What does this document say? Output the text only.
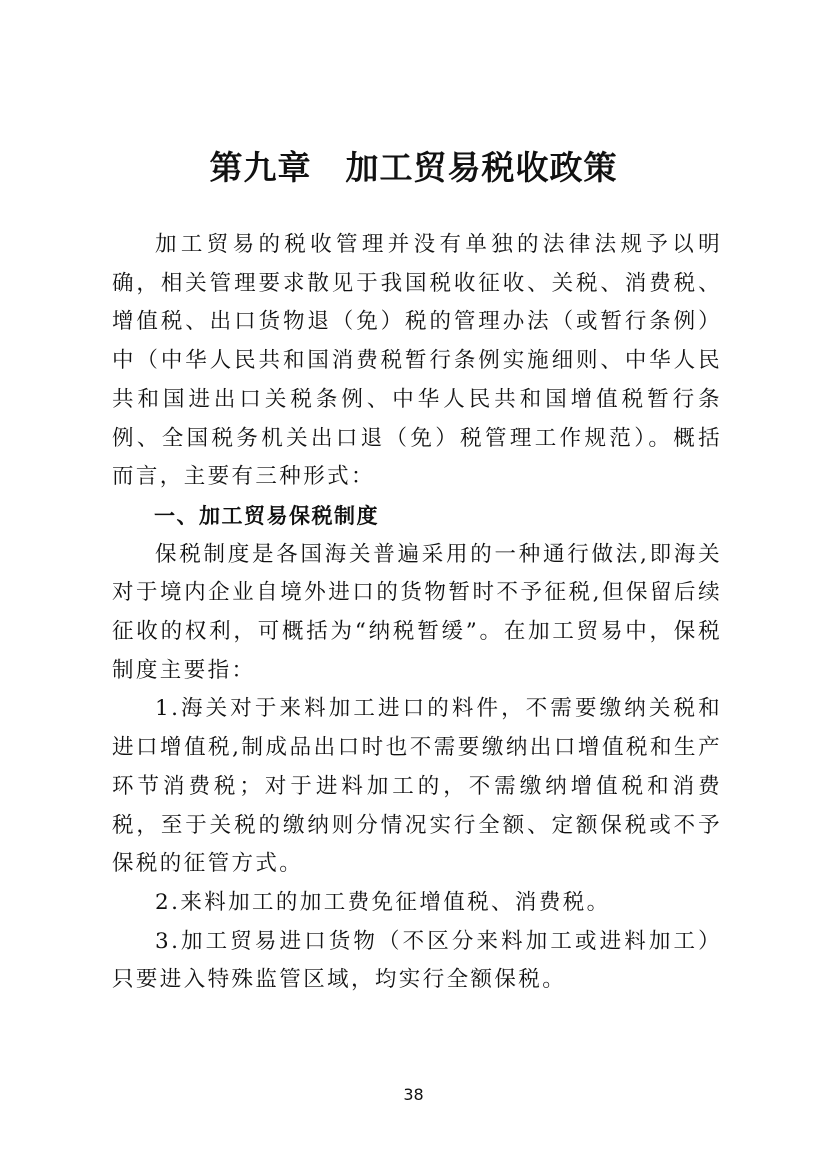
第九章　加工贸易税收政策

加工贸易的税收管理并没有单独的法律法规予以明确，相关管理要求散见于我国税收征收、关税、消费税、增值税、出口货物退（免）税的管理办法（或暂行条例）中（中华人民共和国消费税暂行条例实施细则、中华人民共和国进出口关税条例、中华人民共和国增值税暂行条例、全国税务机关出口退（免）税管理工作规范）。概括而言，主要有三种形式：

一、加工贸易保税制度

保税制度是各国海关普遍采用的一种通行做法,即海关对于境内企业自境外进口的货物暂时不予征税,但保留后续征收的权利，可概括为“纳税暂缓”。在加工贸易中，保税制度主要指：

1.海关对于来料加工进口的料件，不需要缴纳关税和进口增值税,制成品出口时也不需要缴纳出口增值税和生产环节消费税；对于进料加工的，不需缴纳增值税和消费税，至于关税的缴纳则分情况实行全额、定额保税或不予保税的征管方式。

2.来料加工的加工费免征增值税、消费税。

3.加工贸易进口货物（不区分来料加工或进料加工）只要进入特殊监管区域，均实行全额保税。

38
